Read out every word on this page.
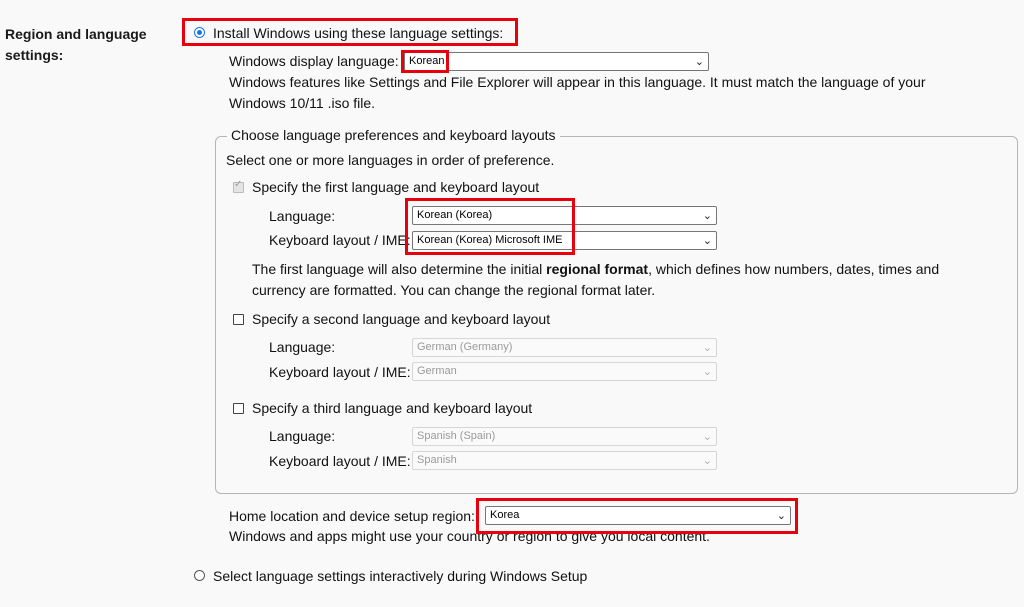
Region and language settings:
Install Windows using these language settings:
Windows display language: Korean	⌄
Windows features like Settings and File Explorer will appear in this language. It must match the language of your Windows 10/11 .iso file.
Choose language preferences and keyboard layouts
Select one or more languages in order of preference.
✓
Specify the first language and keyboard layout
Language:	Korean (Korea)	⌄
Keyboard layout / IME: Korean (Korea) Microsoft IME	⌄
The first language will also determine the initial regional format, which defines how numbers, dates, times and currency are formatted. You can change the regional format later.
Specify a second language and keyboard layout
Language:	German (Germany)	⌄
Keyboard layout / IME: German	⌄
Specify a third language and keyboard layout
Language:	Spanish (Spain)	⌄
Keyboard layout / IME: Spanish	⌄
Home location and device setup region:	Korea	⌄
Windows and apps might use your country or region to give you local content.
Select language settings interactively during Windows Setup
